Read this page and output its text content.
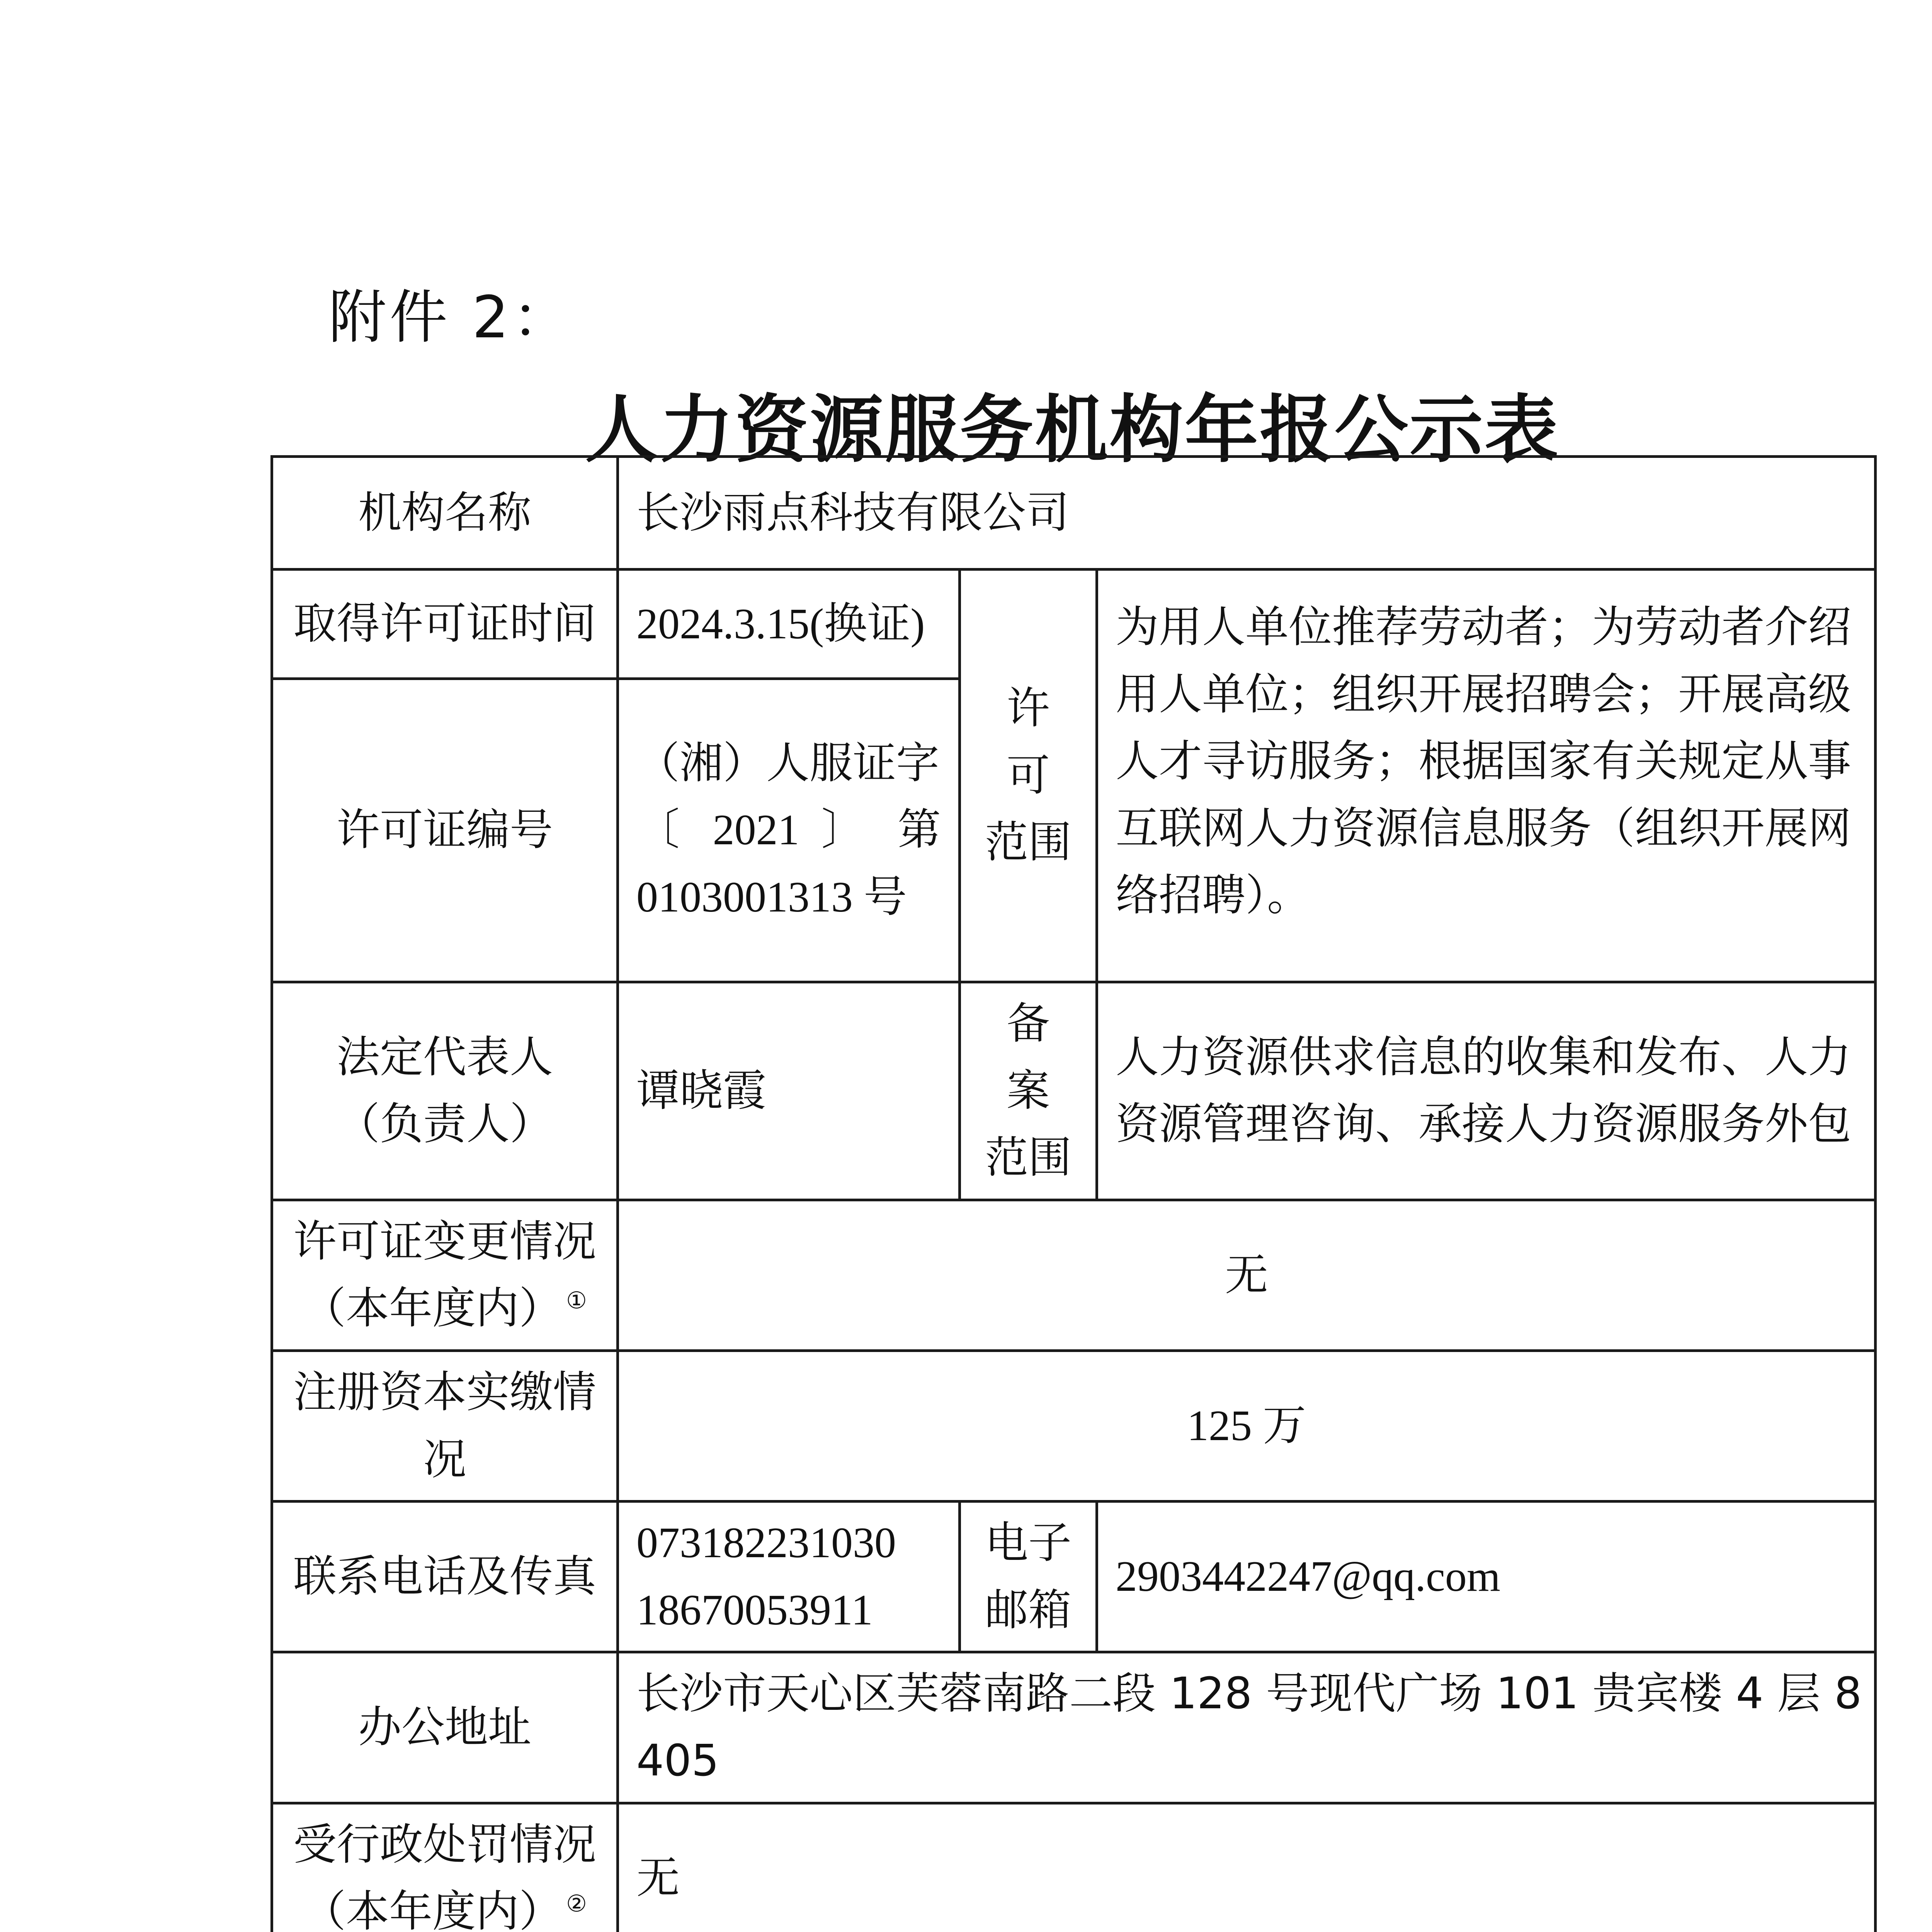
附件 2：
人力资源服务机构年报公示表
机构名称	长沙雨点科技有限公司		
取得许可证时间	2024.3.15(换证)	许 可 范围	为用人单位推荐劳动者；为劳动者介绍用人单位；组织开展招聘会；开展高级人才寻访服务；根据国家有关规定从事互联网人力资源信息服务（组织开展网络招聘）。
许可证编号	（湘）人服证字
〔 2021 〕 第
0103001313 号		

法定代表人
（负责人）	谭晓霞	备 案 范围	人力资源供求信息的收集和发布、人力资源管理咨询、承接人力资源服务外包

许可证变更情况
（本年度内） ①	无		
注册资本实缴情况	125 万		
联系电话及传真	073182231030
18670053911	电子 邮箱	2903442247@qq.com
办公地址	长沙市天心区芙蓉南路二段 128 号现代广场 101 贵宾楼 4 层 8405		

受行政处罚情况
（本年度内） ②	无		
